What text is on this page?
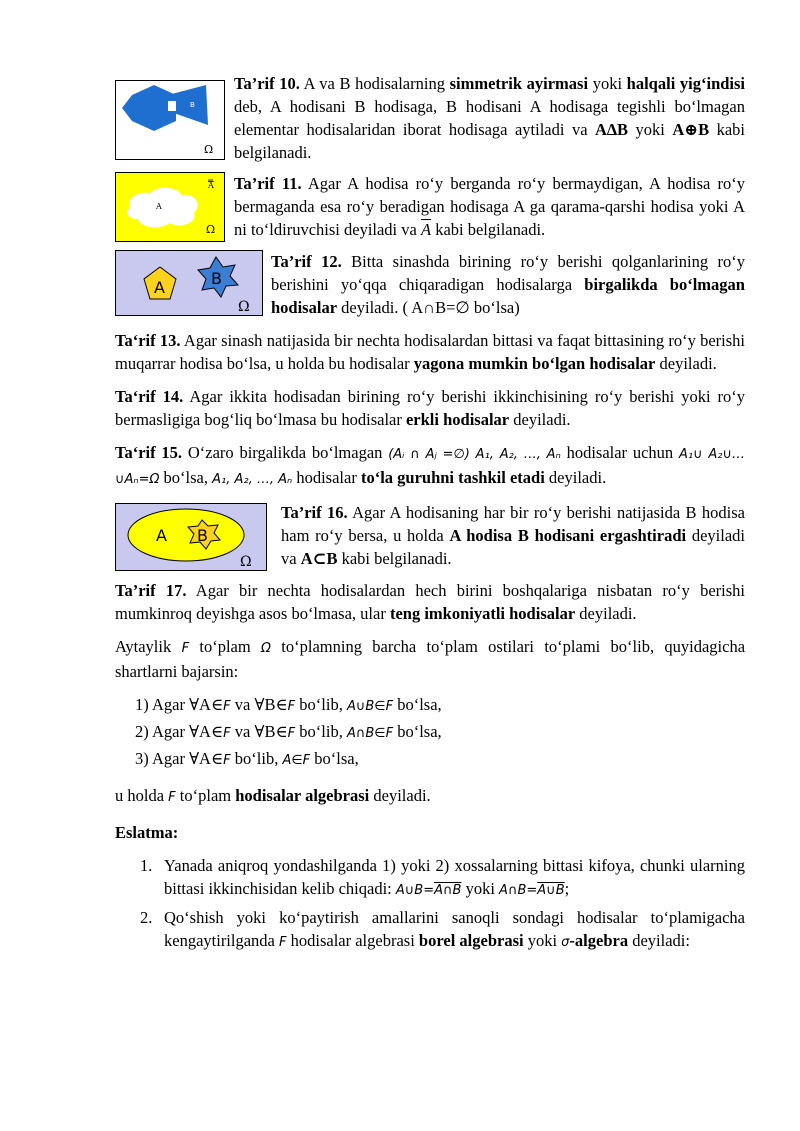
B
Ω

Ta’rif 10. A va B hodisalarning simmetrik ayirmasi yoki halqali yig‘indisi deb, A hodisani B hodisaga, B hodisani A hodisaga tegishli bo‘lmagan elementar hodisalaridan iborat hodisaga aytiladi va A∆B yoki A⊕B kabi belgilanadi.

A
A
Ω

Ta’rif 11. Agar A hodisa ro‘y berganda ro‘y bermaydigan, A hodisa ro‘y bermaganda esa ro‘y beradigan hodisaga A ga qarama-qarshi hodisa yoki A ni to‘ldiruvchisi deyiladi va $\overline{A}$ kabi belgilanadi.

A	B
Ω

Ta’rif 12. Bitta sinashda birining ro‘y berishi qolganlarining ro‘y berishini yo‘qqa chiqaradigan hodisalarga birgalikda bo‘lmagan hodisalar deyiladi. ( A∩B=∅ bo‘lsa)

Ta‘rif 13. Agar sinash natijasida bir nechta hodisalardan bittasi va faqat bittasining ro‘y berishi muqarrar hodisa bo‘lsa, u holda bu hodisalar yagona mumkin bo‘lgan hodisalar deyiladi.

Ta‘rif 14. Agar ikkita hodisadan birining ro‘y berishi ikkinchisining ro‘y berishi yoki ro‘y bermasligiga bog‘liq bo‘lmasa bu hodisalar erkli hodisalar deyiladi.

Ta‘rif 15. O‘zaro birgalikda bo‘lmagan (Aᵢ ∩ Aⱼ =∅) A₁, A₂, …, Aₙ hodisalar uchun A₁∪ A₂∪…∪Aₙ=Ω bo‘lsa, A₁, A₂, …, Aₙ hodisalar to‘la guruhni tashkil etadi deyiladi.

A B
Ω

Ta’rif 16. Agar A hodisaning har bir ro‘y berishi natijasida B hodisa ham ro‘y bersa, u holda A hodisa B hodisani ergashtiradi deyiladi va A⊂B kabi belgilanadi.

Ta’rif 17. Agar bir nechta hodisalardan hech birini boshqalariga nisbatan ro‘y berishi mumkinroq deyishga asos bo‘lmasa, ular teng imkoniyatli hodisalar deyiladi.

Aytaylik F to‘plam Ω to‘plamning barcha to‘plam ostilari to‘plami bo‘lib, quyidagicha shartlarni bajarsin:

1) Agar ∀A∈F va ∀B∈F bo‘lib, A∪B∈F bo‘lsa,
2) Agar ∀A∈F va ∀B∈F bo‘lib, A∩B∈F bo‘lsa,
3) Agar ∀A∈F bo‘lib, A∈F bo‘lsa,

u holda F to‘plam hodisalar algebrasi deyiladi.

Eslatma:

1. Yanada aniqroq yondashilganda 1) yoki 2) xossalarning bittasi kifoya, chunki ularning bittasi ikkinchisidan kelib chiqadi: A∪B=A∩B yoki A∩B=A∪B;
2. Qo‘shish yoki ko‘paytirish amallarini sanoqli sondagi hodisalar to‘plamigacha kengaytirilganda F hodisalar algebrasi borel algebrasi yoki σ-algebra deyiladi:
